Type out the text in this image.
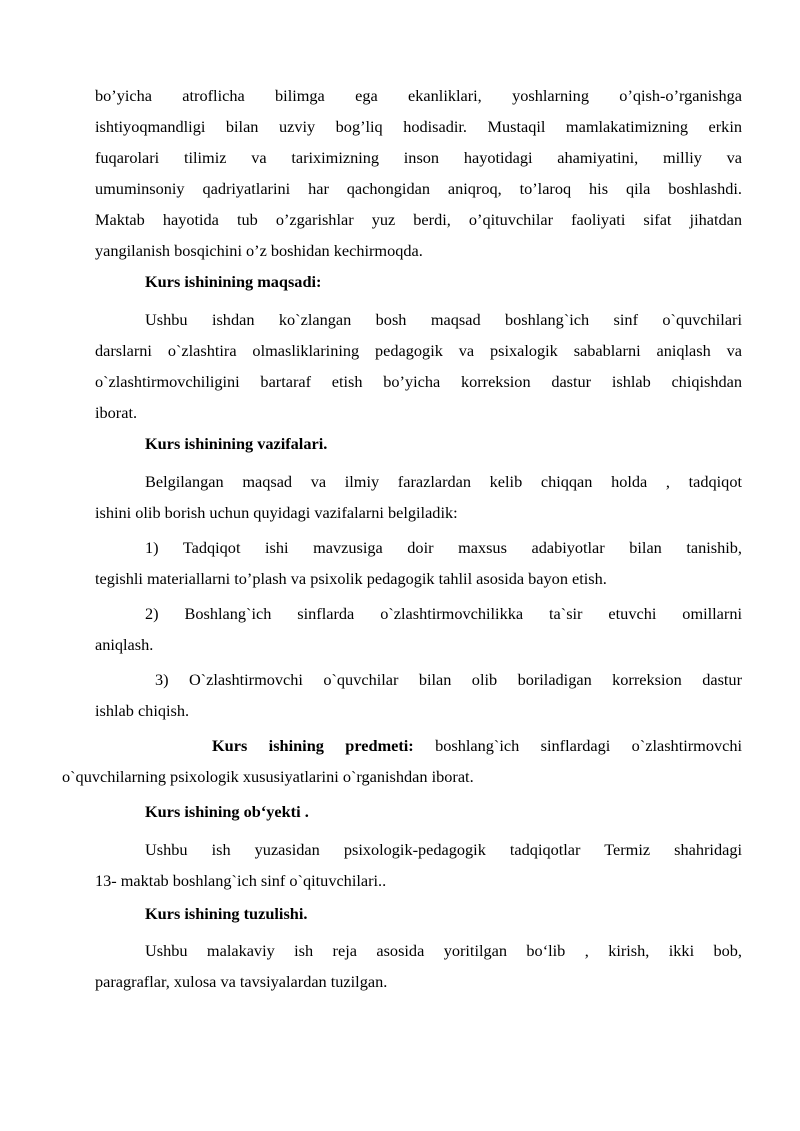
bo’yicha atroflicha bilimga ega ekanliklari, yoshlarning o’qish-o’rganishga
ishtiyoqmandligi bilan uzviy bog’liq hodisadir. Mustaqil mamlakatimizning erkin
fuqarolari tilimiz va tariximizning inson hayotidagi ahamiyatini, milliy va
umuminsoniy qadriyatlarini har qachongidan aniqroq, to’laroq his qila boshlashdi.
Maktab hayotida tub o’zgarishlar yuz berdi, o’qituvchilar faoliyati sifat jihatdan
yangilanish bosqichini o’z boshidan kechirmoqda.
Kurs ishinining maqsadi:
Ushbu ishdan ko`zlangan bosh maqsad boshlang`ich sinf o`quvchilari
darslarni o`zlashtira olmasliklarining pedagogik va psixalogik sabablarni aniqlash va
o`zlashtirmovchiligini bartaraf etish bo’yicha korreksion dastur ishlab chiqishdan
iborat.
Kurs ishinining vazifalari.
Belgilangan maqsad va ilmiy farazlardan kelib chiqqan holda , tadqiqot
ishini olib borish uchun quyidagi vazifalarni belgiladik:
1) Tadqiqot ishi mavzusiga doir maxsus adabiyotlar bilan tanishib,
tegishli materiallarni to’plash va psixolik pedagogik tahlil asosida bayon etish.
2) Boshlang`ich sinflarda o`zlashtirmovchilikka ta`sir etuvchi omillarni
aniqlash.
3) O`zlashtirmovchi o`quvchilar bilan olib boriladigan korreksion dastur
ishlab chiqish.
Kurs ishining predmeti: boshlang`ich sinflardagi o`zlashtirmovchi
o`quvchilarning psixologik xususiyatlarini o`rganishdan iborat.
Kurs ishining ob‘yekti .
Ushbu ish yuzasidan psixologik-pedagogik tadqiqotlar Termiz shahridagi
13- maktab boshlang`ich sinf o`qituvchilari..
Kurs ishining tuzulishi.
Ushbu malakaviy ish reja asosida yoritilgan bo‘lib , kirish, ikki bob,
paragraflar, xulosa va tavsiyalardan tuzilgan.
